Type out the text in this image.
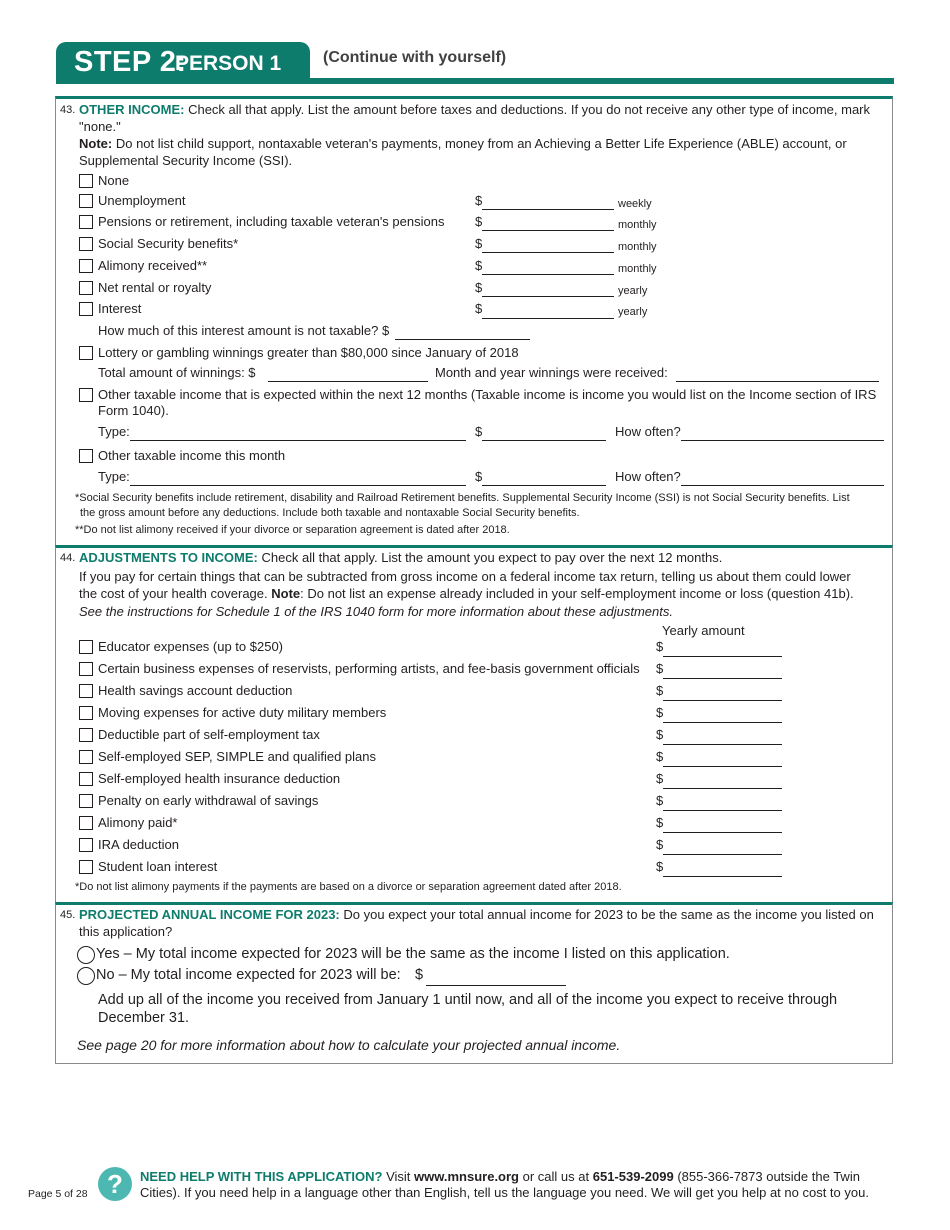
STEP 2:
PERSON 1	(Continue with yourself)
43. OTHER INCOME: Check all that apply. List the amount before taxes and deductions. If you do not receive any other type of income, mark
"none."
Note: Do not list child support, nontaxable veteran's payments, money from an Achieving a Better Life Experience (ABLE) account, or
Supplemental Security Income (SSI).
None
Unemployment	$	weekly
Pensions or retirement, including taxable veteran's pensions $	monthly
Social Security benefits*	$	monthly
Alimony received**	$	monthly
Net rental or royalty	$	yearly
Interest	$	yearly
How much of this interest amount is not taxable? $
Lottery or gambling winnings greater than $80,000 since January of 2018
Total amount of winnings: $	Month and year winnings were received:
Other taxable income that is expected within the next 12 months (Taxable income is income you would list on the Income section of IRS
Form 1040).
Type:	$	How often?
Other taxable income this month
Type:	$	How often?
*Social Security benefits include retirement, disability and Railroad Retirement benefits. Supplemental Security Income (SSI) is not Social Security benefits. List
the gross amount before any deductions. Include both taxable and nontaxable Social Security benefits.
**Do not list alimony received if your divorce or separation agreement is dated after 2018.
44. ADJUSTMENTS TO INCOME: Check all that apply. List the amount you expect to pay over the next 12 months.
If you pay for certain things that can be subtracted from gross income on a federal income tax return, telling us about them could lower
the cost of your health coverage. Note: Do not list an expense already included in your self-employment income or loss (question 41b).
See the instructions for Schedule 1 of the IRS 1040 form for more information about these adjustments.
Yearly amount
Educator expenses (up to $250)	$
Certain business expenses of reservists, performing artists, and fee-basis government officials $
Health savings account deduction	$
Moving expenses for active duty military members	$
Deductible part of self-employment tax	$
Self-employed SEP, SIMPLE and qualified plans	$
Self-employed health insurance deduction	$
Penalty on early withdrawal of savings	$
Alimony paid*	$
IRA deduction	$
Student loan interest	$
*Do not list alimony payments if the payments are based on a divorce or separation agreement dated after 2018.
45. PROJECTED ANNUAL INCOME FOR 2023: Do you expect your total annual income for 2023 to be the same as the income you listed on
this application?
Yes – My total income expected for 2023 will be the same as the income I listed on this application.
No – My total income expected for 2023 will be: $
Add up all of the income you received from January 1 until now, and all of the income you expect to receive through
December 31.
See page 20 for more information about how to calculate your projected annual income.
Page 5 of 28 ?	NEED HELP WITH THIS APPLICATION? Visit www.mnsure.org or call us at 651-539-2099 (855-366-7873 outside the Twin
Cities). If you need help in a language other than English, tell us the language you need. We will get you help at no cost to you.
